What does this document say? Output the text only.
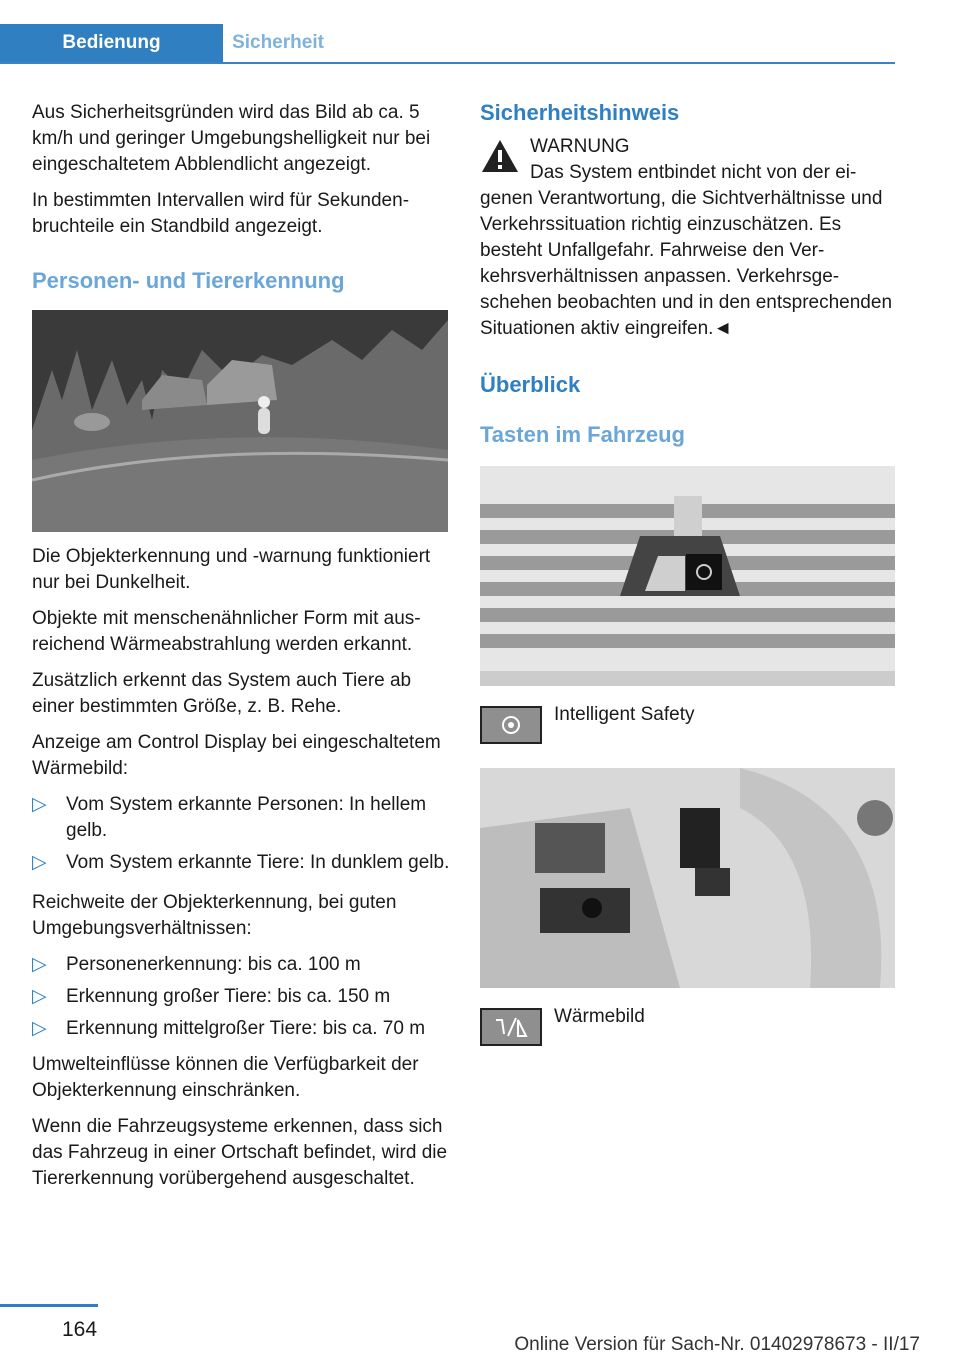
Bedienung	Sicherheit

Aus Sicherheitsgründen wird das Bild ab ca. 5 km/h und geringer Umgebungshelligkeit nur bei eingeschaltetem Abblendlicht angezeigt.

In bestimmten Intervallen wird für Sekundenbruchteile ein Standbild angezeigt.

Personen- und Tiererkennung

Die Objekterkennung und -warnung funktioniert nur bei Dunkelheit.

Objekte mit menschenähnlicher Form mit ausreichend Wärmeabstrahlung werden erkannt.

Zusätzlich erkennt das System auch Tiere ab einer bestimmten Größe, z. B. Rehe.

Anzeige am Control Display bei eingeschaltetem Wärmebild:

▷ Vom System erkannte Personen: In hellem gelb.
▷ Vom System erkannte Tiere: In dunklem gelb.

Reichweite der Objekterkennung, bei guten Umgebungsverhältnissen:

▷ Personenerkennung: bis ca. 100 m
▷ Erkennung großer Tiere: bis ca. 150 m
▷ Erkennung mittelgroßer Tiere: bis ca. 70 m

Umwelteinflüsse können die Verfügbarkeit der Objekterkennung einschränken.

Wenn die Fahrzeugsysteme erkennen, dass sich das Fahrzeug in einer Ortschaft befindet, wird die Tiererkennung vorübergehend ausgeschaltet.

Sicherheitshinweis

WARNUNG

Das System entbindet nicht von der eigenen Verantwortung, die Sichtverhältnisse und Verkehrssituation richtig einzuschätzen. Es besteht Unfallgefahr. Fahrweise den Verkehrsverhältnissen anpassen. Verkehrsgeschehen beobachten und in den entsprechenden Situationen aktiv eingreifen.◄

Überblick
Tasten im Fahrzeug
Intelligent Safety
Wärmebild
164
Online Version für Sach-Nr. 01402978673 - II/17
